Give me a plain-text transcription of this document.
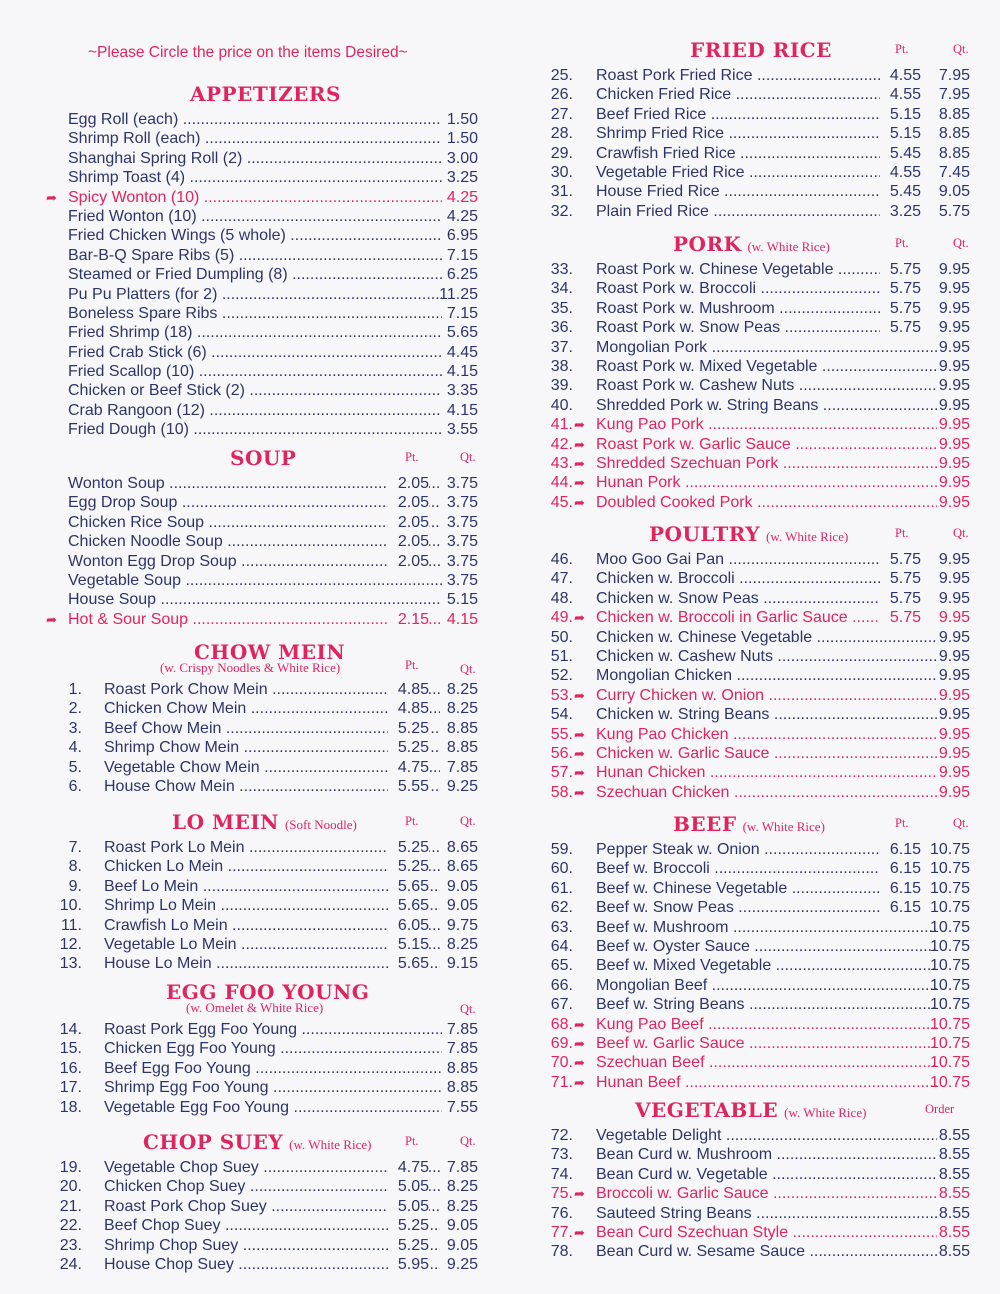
~Please Circle the price on the items Desired~
APPETIZERS
Egg Roll (each) .....	1.50
Shrimp Roll (each) .....	1.50
Shanghai Spring Roll (2) .....	3.00
Shrimp Toast (4) .....	3.25
➦ Spicy Wonton (10) .....	4.25
Fried Wonton (10) .....	4.25
Fried Chicken Wings (5 whole) .....	6.95
Bar-B-Q Spare Ribs (5) .....	7.15
Steamed or Fried Dumpling (8) .....	6.25
Pu Pu Platters (for 2) .....	11.25
Boneless Spare Ribs .....	7.15
Fried Shrimp (18) .....	5.65
Fried Crab Stick (6) .....	4.45
Fried Scallop (10) .....	4.15
Chicken or Beef Stick (2) .....	3.35
Crab Rangoon (12) .....	4.15
Fried Dough (10) .....	3.55
SOUP	Pt.	Qt.
Wonton Soup .....	2.05	3.75
Egg Drop Soup .....	2.05	3.75
Chicken Rice Soup .....	2.05	3.75
Chicken Noodle Soup .....	2.05	3.75
Wonton Egg Drop Soup .....	2.05	3.75
Vegetable Soup .....	3.75
House Soup .....	5.15
➦ Hot & Sour Soup .....	2.15	4.15
CHOW MEIN
(w. Crispy Noodles & White Rice)	Pt.	Qt.
1. Roast Pork Chow Mein .....	4.85	8.25
2. Chicken Chow Mein .....	4.85	8.25
3. Beef Chow Mein .....	5.25	8.85
4. Shrimp Chow Mein .....	5.25	8.85
5. Vegetable Chow Mein .....	4.75	7.85
6. House Chow Mein .....	5.55	9.25
LO MEIN (Soft Noodle)	Pt.	Qt.
7. Roast Pork Lo Mein .....	5.25	8.65
8. Chicken Lo Mein .....	5.25	8.65
9. Beef Lo Mein .....	5.65	9.05
10. Shrimp Lo Mein .....	5.65	9.05
11. Crawfish Lo Mein .....	6.05	9.75
12. Vegetable Lo Mein .....	5.15	8.25
13. House Lo Mein .....	5.65	9.15
EGG FOO YOUNG
(w. Omelet & White Rice)	Qt.
14. Roast Pork Egg Foo Young .....	7.85
15. Chicken Egg Foo Young .....	7.85
16. Beef Egg Foo Young .....	8.85
17. Shrimp Egg Foo Young .....	8.85
18. Vegetable Egg Foo Young .....	7.55
CHOP SUEY (w. White Rice)	Pt.	Qt.
19. Vegetable Chop Suey .....	4.75	7.85
20. Chicken Chop Suey .....	5.05	8.25
21. Roast Pork Chop Suey .....	5.05	8.25
22. Beef Chop Suey .....	5.25	9.05
23. Shrimp Chop Suey .....	5.25	9.05
24. House Chop Suey .....	5.95	9.25
FRIED RICE	Pt.	Qt.
25. Roast Pork Fried Rice .....	4.55	7.95
26. Chicken Fried Rice .....	4.55	7.95
27. Beef Fried Rice .....	5.15	8.85
28. Shrimp Fried Rice .....	5.15	8.85
29. Crawfish Fried Rice .....	5.45	8.85
30. Vegetable Fried Rice .....	4.55	7.45
31. House Fried Rice .....	5.45	9.05
32. Plain Fried Rice .....	3.25	5.75
PORK (w. White Rice)	Pt.	Qt.
33. Roast Pork w. Chinese Vegetable .....	5.75	9.95
34. Roast Pork w. Broccoli .....	5.75	9.95
35. Roast Pork w. Mushroom .....	5.75	9.95
36. Roast Pork w. Snow Peas .....	5.75	9.95
37. Mongolian Pork .....	9.95
38. Roast Pork w. Mixed Vegetable .....	9.95
39. Roast Pork w. Cashew Nuts .....	9.95
40. Shredded Pork w. String Beans .....	9.95
41. ➦ Kung Pao Pork .....	9.95
42. ➦ Roast Pork w. Garlic Sauce .....	9.95
43. ➦ Shredded Szechuan Pork .....	9.95
44. ➦ Hunan Pork .....	9.95
45. ➦ Doubled Cooked Pork .....	9.95
POULTRY (w. White Rice)	Pt.	Qt.
46. Moo Goo Gai Pan .....	5.75	9.95
47. Chicken w. Broccoli .....	5.75	9.95
48. Chicken w. Snow Peas .....	5.75	9.95
49. ➦ Chicken w. Broccoli in Garlic Sauce .....	5.75	9.95
50. Chicken w. Chinese Vegetable .....	9.95
51. Chicken w. Cashew Nuts .....	9.95
52. Mongolian Chicken .....	9.95
53. ➦ Curry Chicken w. Onion .....	9.95
54. Chicken w. String Beans .....	9.95
55. ➦ Kung Pao Chicken .....	9.95
56. ➦ Chicken w. Garlic Sauce .....	9.95
57. ➦ Hunan Chicken .....	9.95
58. ➦ Szechuan Chicken .....	9.95
BEEF (w. White Rice)	Pt.	Qt.
59. Pepper Steak w. Onion .....	6.15 10.75
60. Beef w. Broccoli .....	6.15 10.75
61. Beef w. Chinese Vegetable .....	6.15 10.75
62. Beef w. Snow Peas .....	6.15 10.75
63. Beef w. Mushroom .....	10.75
64. Beef w. Oyster Sauce .....	10.75
65. Beef w. Mixed Vegetable .....	10.75
66. Mongolian Beef .....	10.75
67. Beef w. String Beans .....	10.75
68. ➦ Kung Pao Beef .....	10.75
69. ➦ Beef w. Garlic Sauce .....	10.75
70. ➦ Szechuan Beef .....	10.75
71. ➦ Hunan Beef .....	10.75
VEGETABLE (w. White Rice)	Order
72. Vegetable Delight .....	8.55
73. Bean Curd w. Mushroom .....	8.55
74. Bean Curd w. Vegetable .....	8.55
75. ➦ Broccoli w. Garlic Sauce .....	8.55
76. Sauteed String Beans .....	8.55
77. ➦ Bean Curd Szechuan Style .....	8.55
78. Bean Curd w. Sesame Sauce .....	8.55
